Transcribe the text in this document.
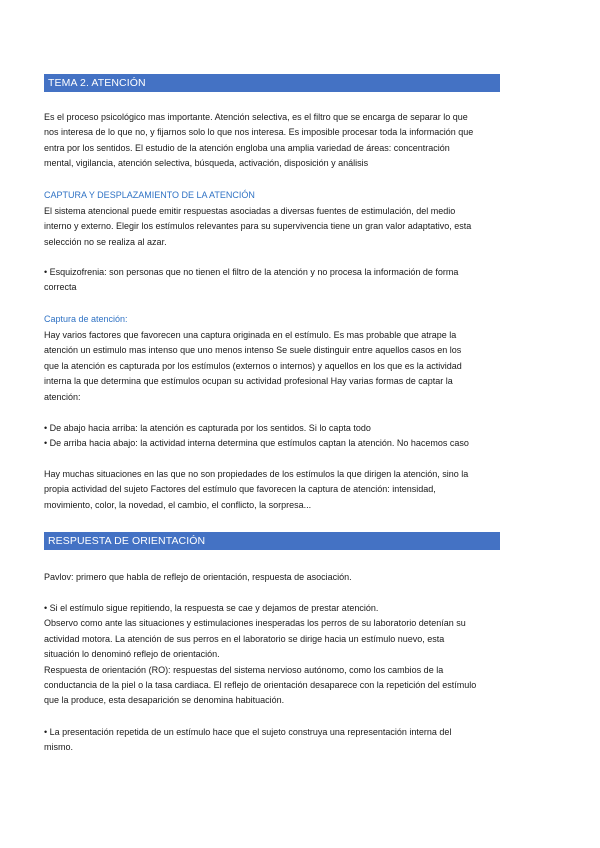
TEMA 2. ATENCIÓN
Es el proceso psicológico mas importante. Atención selectiva, es el filtro que se encarga de separar lo que
nos interesa de lo que no, y fijarnos solo lo que nos interesa. Es imposible procesar toda la información que
entra por los sentidos. El estudio de la atención engloba una amplia variedad de áreas: concentración
mental, vigilancia, atención selectiva, búsqueda, activación, disposición y análisis
CAPTURA Y DESPLAZAMIENTO DE LA ATENCIÓN
El sistema atencional puede emitir respuestas asociadas a diversas fuentes de estimulación, del medio
interno y externo. Elegir los estímulos relevantes para su supervivencia tiene un gran valor adaptativo, esta
selección no se realiza al azar.
• Esquizofrenia: son personas que no tienen el filtro de la atención y no procesa la información de forma
correcta
Captura de atención:
Hay varios factores que favorecen una captura originada en el estímulo. Es mas probable que atrape la
atención un estimulo mas intenso que uno menos intenso Se suele distinguir entre aquellos casos en los
que la atención es capturada por los estímulos (externos o internos) y aquellos en los que es la actividad
interna la que determina que estímulos ocupan su actividad profesional Hay varias formas de captar la
atención:
• De abajo hacia arriba: la atención es capturada por los sentidos. Si lo capta todo
• De arriba hacia abajo: la actividad interna determina que estímulos captan la atención. No hacemos caso
Hay muchas situaciones en las que no son propiedades de los estímulos la que dirigen la atención, sino la
propia actividad del sujeto Factores del estímulo que favorecen la captura de atención: intensidad,
movimiento, color, la novedad, el cambio, el conflicto, la sorpresa...
RESPUESTA DE ORIENTACIÓN
Pavlov: primero que habla de reflejo de orientación, respuesta de asociación.
• Si el estímulo sigue repitiendo, la respuesta se cae y dejamos de prestar atención.
Observo como ante las situaciones y estimulaciones inesperadas los perros de su laboratorio detenían su
actividad motora. La atención de sus perros en el laboratorio se dirige hacia un estímulo nuevo, esta
situación lo denominó reflejo de orientación.
Respuesta de orientación (RO): respuestas del sistema nervioso autónomo, como los cambios de la
conductancia de la piel o la tasa cardiaca. El reflejo de orientación desaparece con la repetición del estímulo
que la produce, esta desaparición se denomina habituación.
• La presentación repetida de un estímulo hace que el sujeto construya una representación interna del
mismo.
